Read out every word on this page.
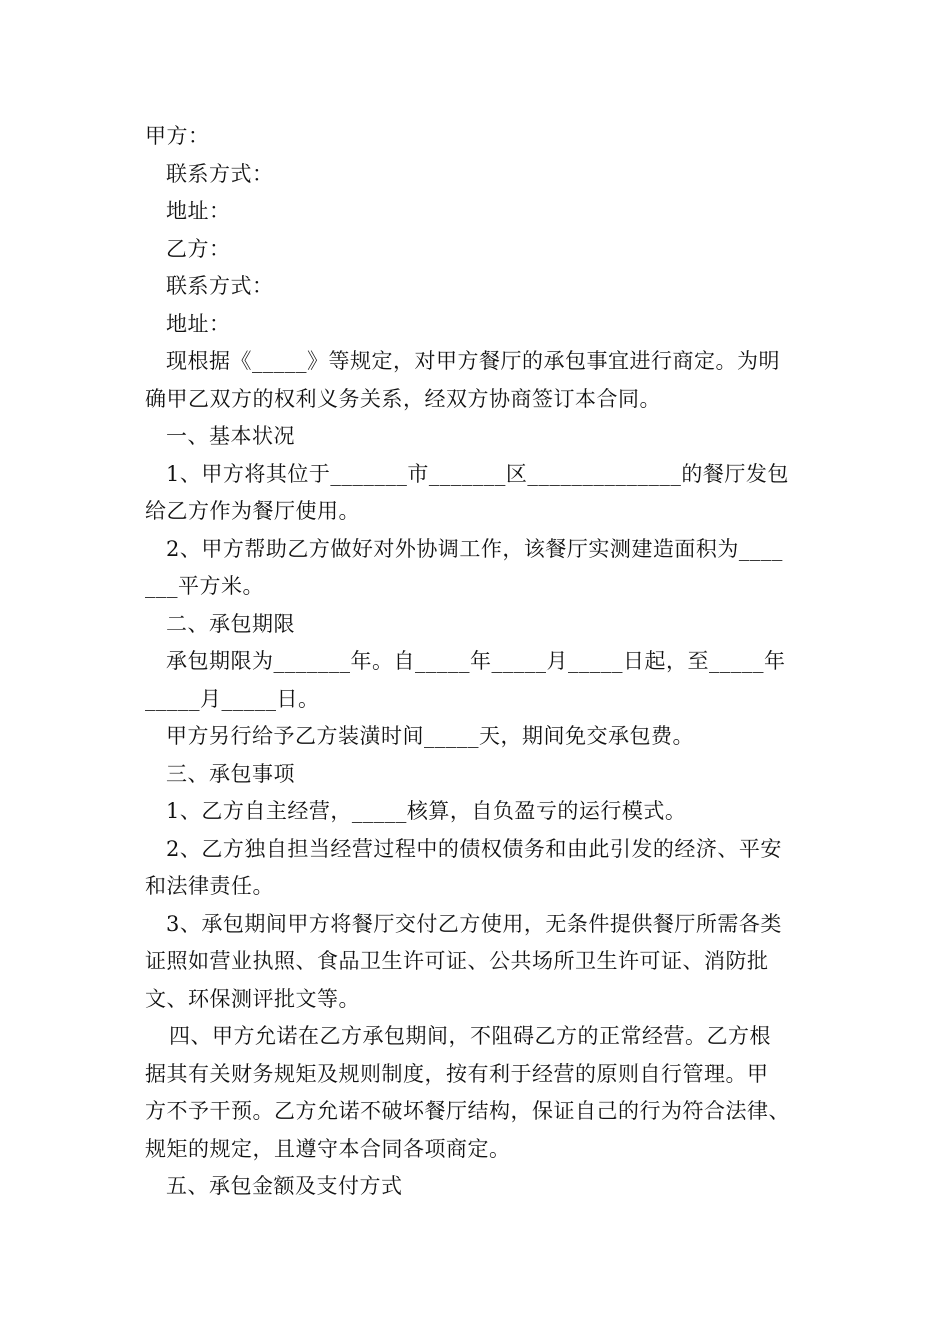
甲方：
联系方式：
地址：
乙方：
联系方式：
地址：
现根据《_____》等规定，对甲方餐厅的承包事宜进行商定。为明
确甲乙双方的权利义务关系，经双方协商签订本合同。
一、基本状况
1、甲方将其位于_______市_______区______________的餐厅发包
给乙方作为餐厅使用。
2、甲方帮助乙方做好对外协调工作，该餐厅实测建造面积为____
___平方米。
二、承包期限
承包期限为_______年。自_____年_____月_____日起，至_____年
_____月_____日。
甲方另行给予乙方装潢时间_____天，期间免交承包费。
三、承包事项
1、乙方自主经营，_____核算，自负盈亏的运行模式。
2、乙方独自担当经营过程中的债权债务和由此引发的经济、平安
和法律责任。
3、承包期间甲方将餐厅交付乙方使用，无条件提供餐厅所需各类
证照如营业执照、食品卫生许可证、公共场所卫生许可证、消防批
文、环保测评批文等。
四、甲方允诺在乙方承包期间，不阻碍乙方的正常经营。乙方根
据其有关财务规矩及规则制度，按有利于经营的原则自行管理。甲
方不予干预。乙方允诺不破坏餐厅结构，保证自己的行为符合法律、
规矩的规定，且遵守本合同各项商定。
五、承包金额及支付方式
